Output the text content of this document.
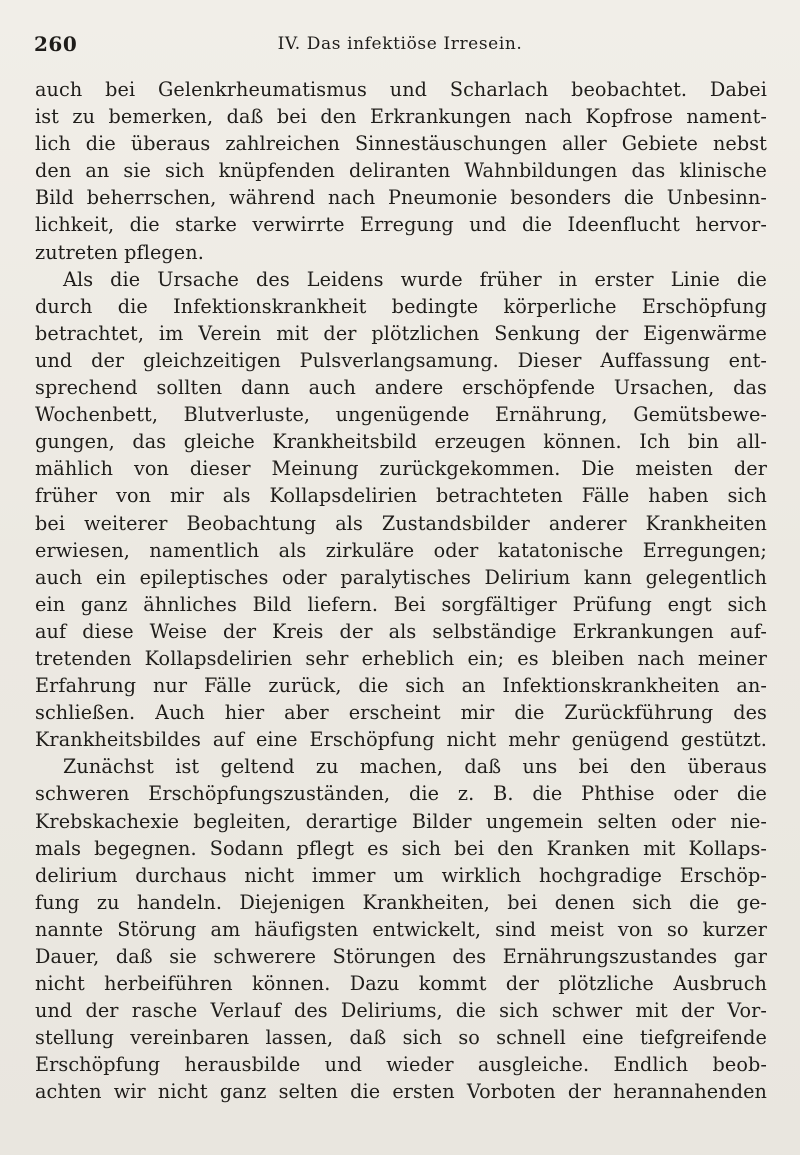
260	IV. Das infektiöse Irresein.
auch bei Gelenkrheumatismus und Scharlach beobachtet. Dabei
ist zu bemerken, daß bei den Erkrankungen nach Kopfrose nament-
lich die überaus zahlreichen Sinnestäuschungen aller Gebiete nebst
den an sie sich knüpfenden deliranten Wahnbildungen das klinische
Bild beherrschen, während nach Pneumonie besonders die Unbesinn-
lichkeit, die starke verwirrte Erregung und die Ideenflucht hervor-
zutreten pflegen.
Als die Ursache des Leidens wurde früher in erster Linie die
durch die Infektionskrankheit bedingte körperliche Erschöpfung
betrachtet, im Verein mit der plötzlichen Senkung der Eigenwärme
und der gleichzeitigen Pulsverlangsamung. Dieser Auffassung ent-
sprechend sollten dann auch andere erschöpfende Ursachen, das
Wochenbett, Blutverluste, ungenügende Ernährung, Gemütsbewe-
gungen, das gleiche Krankheitsbild erzeugen können. Ich bin all-
mählich von dieser Meinung zurückgekommen. Die meisten der
früher von mir als Kollapsdelirien betrachteten Fälle haben sich
bei weiterer Beobachtung als Zustandsbilder anderer Krankheiten
erwiesen, namentlich als zirkuläre oder katatonische Erregungen;
auch ein epileptisches oder paralytisches Delirium kann gelegentlich
ein ganz ähnliches Bild liefern. Bei sorgfältiger Prüfung engt sich
auf diese Weise der Kreis der als selbständige Erkrankungen auf-
tretenden Kollapsdelirien sehr erheblich ein; es bleiben nach meiner
Erfahrung nur Fälle zurück, die sich an Infektionskrankheiten an-
schließen. Auch hier aber erscheint mir die Zurückführung des
Krankheitsbildes auf eine Erschöpfung nicht mehr genügend gestützt.
Zunächst ist geltend zu machen, daß uns bei den überaus
schweren Erschöpfungszuständen, die z. B. die Phthise oder die
Krebskachexie begleiten, derartige Bilder ungemein selten oder nie-
mals begegnen. Sodann pflegt es sich bei den Kranken mit Kollaps-
delirium durchaus nicht immer um wirklich hochgradige Erschöp-
fung zu handeln. Diejenigen Krankheiten, bei denen sich die ge-
nannte Störung am häufigsten entwickelt, sind meist von so kurzer
Dauer, daß sie schwerere Störungen des Ernährungszustandes gar
nicht herbeiführen können. Dazu kommt der plötzliche Ausbruch
und der rasche Verlauf des Deliriums, die sich schwer mit der Vor-
stellung vereinbaren lassen, daß sich so schnell eine tiefgreifende
Erschöpfung herausbilde und wieder ausgleiche. Endlich beob-
achten wir nicht ganz selten die ersten Vorboten der herannahenden
